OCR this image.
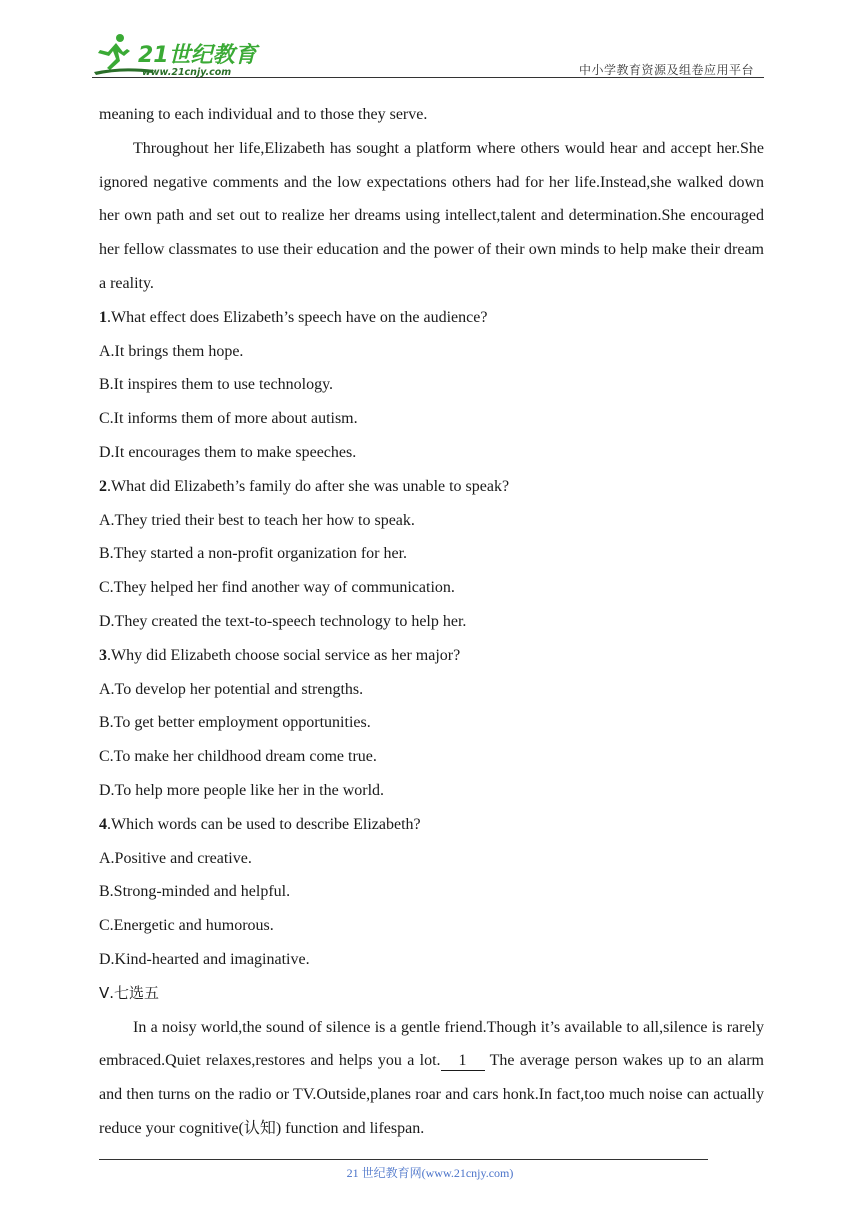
21世纪教育
www.21cnjy.com	中小学教育资源及组卷应用平台

meaning to each individual and to those they serve.

Throughout her life,Elizabeth has sought a platform where others would hear and accept her.She ignored negative comments and the low expectations others had for her life.Instead,she walked down her own path and set out to realize her dreams using intellect,talent and determination.She encouraged her fellow classmates to use their education and the power of their own minds to help make their dream a reality.

1.What effect does Elizabeth’s speech have on the audience?

A.It brings them hope.

B.It inspires them to use technology.

C.It informs them of more about autism.

D.It encourages them to make speeches.

2.What did Elizabeth’s family do after she was unable to speak?

A.They tried their best to teach her how to speak.

B.They started a non-profit organization for her.

C.They helped her find another way of communication.

D.They created the text-to-speech technology to help her.

3.Why did Elizabeth choose social service as her major?

A.To develop her potential and strengths.

B.To get better employment opportunities.

C.To make her childhood dream come true.

D.To help more people like her in the world.

4.Which words can be used to describe Elizabeth?

A.Positive and creative.

B.Strong-minded and helpful.

C.Energetic and humorous.

D.Kind-hearted and imaginative.

Ⅴ.七选五

In a noisy world,the sound of silence is a gentle friend.Though it’s available to all,silence is rarely embraced.Quiet relaxes,restores and helps you a lot. 1 The average person wakes up to an alarm and then turns on the radio or TV.Outside,planes roar and cars honk.In fact,too much noise can actually reduce your cognitive(认知) function and lifespan.

21 世纪教育网(www.21cnjy.com)
